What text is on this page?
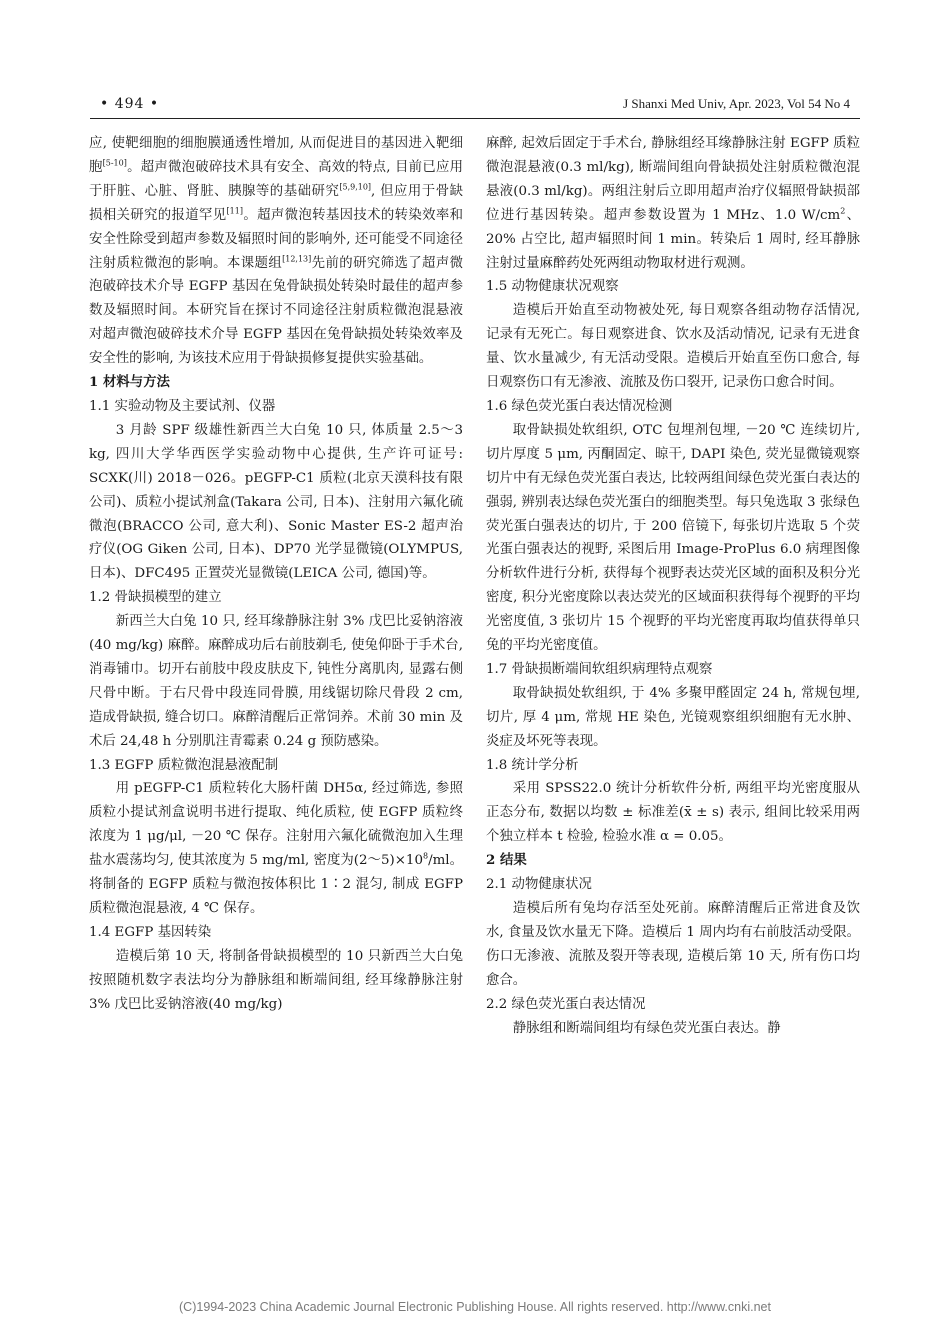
• 494 •	J Shanxi Med Univ, Apr. 2023, Vol 54 No 4

应, 使靶细胞的细胞膜通透性增加, 从而促进目的基因进入靶细胞[5-10]。超声微泡破碎技术具有安全、高效的特点, 目前已应用于肝脏、心脏、肾脏、胰腺等的基础研究[5,9,10], 但应用于骨缺损相关研究的报道罕见[11]。超声微泡转基因技术的转染效率和安全性除受到超声参数及辐照时间的影响外, 还可能受不同途径注射质粒微泡的影响。本课题组[12,13]先前的研究筛选了超声微泡破碎技术介导 EGFP 基因在兔骨缺损处转染时最佳的超声参数及辐照时间。本研究旨在探讨不同途径注射质粒微泡混悬液对超声微泡破碎技术介导 EGFP 基因在兔骨缺损处转染效率及安全性的影响, 为该技术应用于骨缺损修复提供实验基础。

1 材料与方法

1.1 实验动物及主要试剂、仪器

3 月龄 SPF 级雄性新西兰大白兔 10 只, 体质量 2.5～3 kg, 四川大学华西医学实验动物中心提供, 生产许可证号: SCXK(川) 2018－026。pEGFP-C1 质粒(北京天漠科技有限公司)、质粒小提试剂盒(Takara 公司, 日本)、注射用六氟化硫微泡(BRACCO 公司, 意大利)、Sonic Master ES-2 超声治疗仪(OG Giken 公司, 日本)、DP70 光学显微镜(OLYMPUS, 日本)、DFC495 正置荧光显微镜(LEICA 公司, 德国)等。

1.2 骨缺损模型的建立

新西兰大白兔 10 只, 经耳缘静脉注射 3% 戊巴比妥钠溶液(40 mg/kg) 麻醉。麻醉成功后右前肢剃毛, 使兔仰卧于手术台, 消毒铺巾。切开右前肢中段皮肤皮下, 钝性分离肌肉, 显露右侧尺骨中断。于右尺骨中段连同骨膜, 用线锯切除尺骨段 2 cm, 造成骨缺损, 缝合切口。麻醉清醒后正常饲养。术前 30 min 及术后 24,48 h 分别肌注青霉素 0.24 g 预防感染。

1.3 EGFP 质粒微泡混悬液配制

用 pEGFP-C1 质粒转化大肠杆菌 DH5α, 经过筛选, 参照质粒小提试剂盒说明书进行提取、纯化质粒, 使 EGFP 质粒终浓度为 1 μg/μl, －20 ℃ 保存。注射用六氟化硫微泡加入生理盐水震荡均匀, 使其浓度为 5 mg/ml, 密度为$(2\sim 5)\times 10^8/ml$。将制备的 EGFP 质粒与微泡按体积比 1∶2 混匀, 制成 EGFP 质粒微泡混悬液, 4 ℃ 保存。

1.4 EGFP 基因转染

造模后第 10 天, 将制备骨缺损模型的 10 只新西兰大白兔按照随机数字表法均分为静脉组和断端间组, 经耳缘静脉注射 3% 戊巴比妥钠溶液(40 mg/kg)

麻醉, 起效后固定于手术台, 静脉组经耳缘静脉注射 EGFP 质粒微泡混悬液(0.3 ml/kg), 断端间组向骨缺损处注射质粒微泡混悬液(0.3 ml/kg)。两组注射后立即用超声治疗仪辐照骨缺损部位进行基因转染。超声参数设置为 1 MHz、1.0 $W/cm^2$、20% 占空比, 超声辐照时间 1 min。转染后 1 周时, 经耳静脉注射过量麻醉药处死两组动物取材进行观测。

1.5 动物健康状况观察

造模后开始直至动物被处死, 每日观察各组动物存活情况, 记录有无死亡。每日观察进食、饮水及活动情况, 记录有无进食量、饮水量减少, 有无活动受限。造模后开始直至伤口愈合, 每日观察伤口有无渗液、流脓及伤口裂开, 记录伤口愈合时间。

1.6 绿色荧光蛋白表达情况检测

取骨缺损处软组织, OTC 包埋剂包埋, －20 ℃ 连续切片, 切片厚度 5 μm, 丙酮固定、晾干, DAPI 染色, 荧光显微镜观察切片中有无绿色荧光蛋白表达, 比较两组间绿色荧光蛋白表达的强弱, 辨别表达绿色荧光蛋白的细胞类型。每只兔选取 3 张绿色荧光蛋白强表达的切片, 于 200 倍镜下, 每张切片选取 5 个荧光蛋白强表达的视野, 采图后用 Image-ProPlus 6.0 病理图像分析软件进行分析, 获得每个视野表达荧光区域的面积及积分光密度, 积分光密度除以表达荧光的区域面积获得每个视野的平均光密度值, 3 张切片 15 个视野的平均光密度再取均值获得单只兔的平均光密度值。

1.7 骨缺损断端间软组织病理特点观察

取骨缺损处软组织, 于 4% 多聚甲醛固定 24 h, 常规包埋, 切片, 厚 4 μm, 常规 HE 染色, 光镜观察组织细胞有无水肿、炎症及坏死等表现。

1.8 统计学分析

采用 SPSS22.0 统计分析软件分析, 两组平均光密度服从正态分布, 数据以均数 ± 标准差(x̄ ± s) 表示, 组间比较采用两个独立样本 t 检验, 检验水准 α = 0.05。

2 结果

2.1 动物健康状况

造模后所有兔均存活至处死前。麻醉清醒后正常进食及饮水, 食量及饮水量无下降。造模后 1 周内均有右前肢活动受限。伤口无渗液、流脓及裂开等表现, 造模后第 10 天, 所有伤口均愈合。

2.2 绿色荧光蛋白表达情况

静脉组和断端间组均有绿色荧光蛋白表达。静

(C)1994-2023 China Academic Journal Electronic Publishing House. All rights reserved. http://www.cnki.net
